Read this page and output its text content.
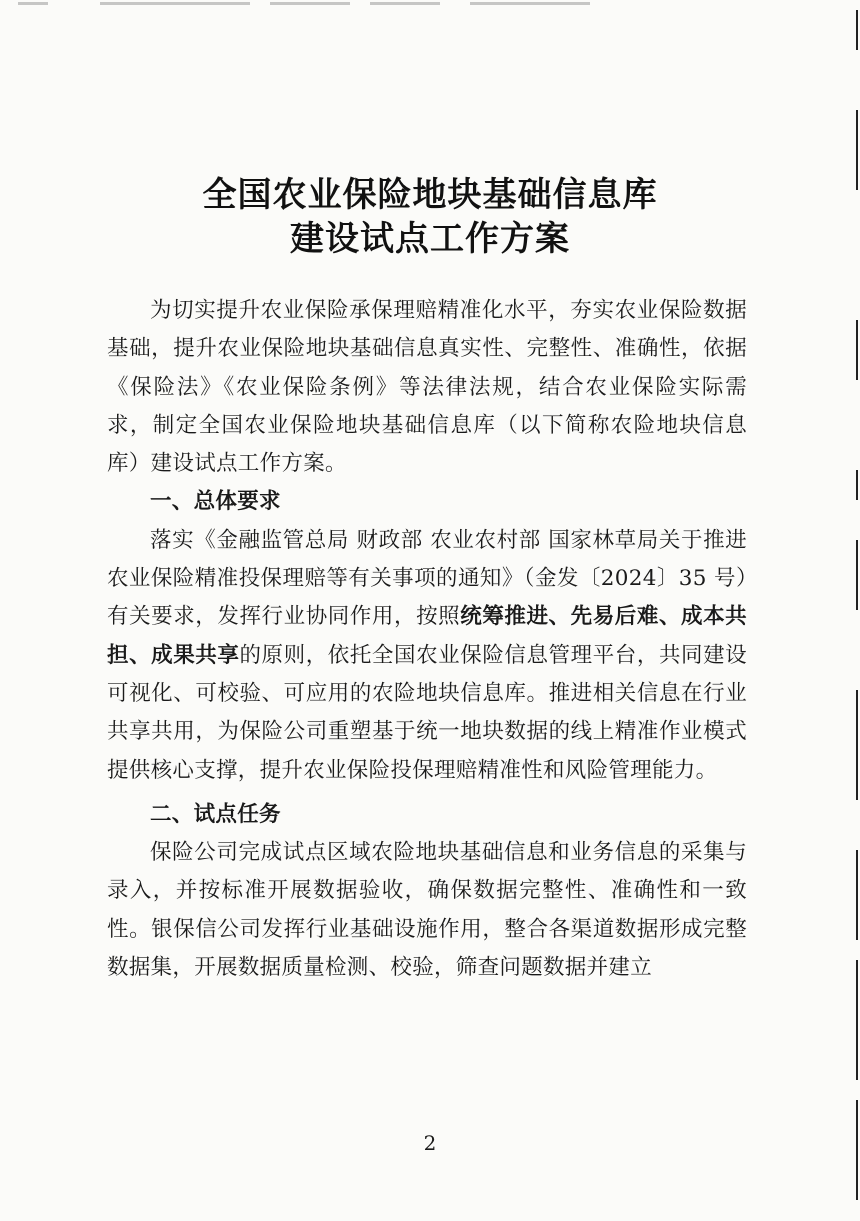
全国农业保险地块基础信息库
建设试点工作方案

为切实提升农业保险承保理赔精准化水平，夯实农业保险数据基础，提升农业保险地块基础信息真实性、完整性、准确性，依据《保险法》《农业保险条例》等法律法规，结合农业保险实际需求，制定全国农业保险地块基础信息库（以下简称农险地块信息库）建设试点工作方案。

一、总体要求

落实《金融监管总局 财政部 农业农村部 国家林草局关于推进农业保险精准投保理赔等有关事项的通知》（金发〔2024〕35 号）有关要求，发挥行业协同作用，按照统筹推进、先易后难、成本共担、成果共享的原则，依托全国农业保险信息管理平台，共同建设可视化、可校验、可应用的农险地块信息库。推进相关信息在行业共享共用，为保险公司重塑基于统一地块数据的线上精准作业模式提供核心支撑，提升农业保险投保理赔精准性和风险管理能力。

二、试点任务

保险公司完成试点区域农险地块基础信息和业务信息的采集与录入，并按标准开展数据验收，确保数据完整性、准确性和一致性。银保信公司发挥行业基础设施作用，整合各渠道数据形成完整数据集，开展数据质量检测、校验，筛查问题数据并建立

2
